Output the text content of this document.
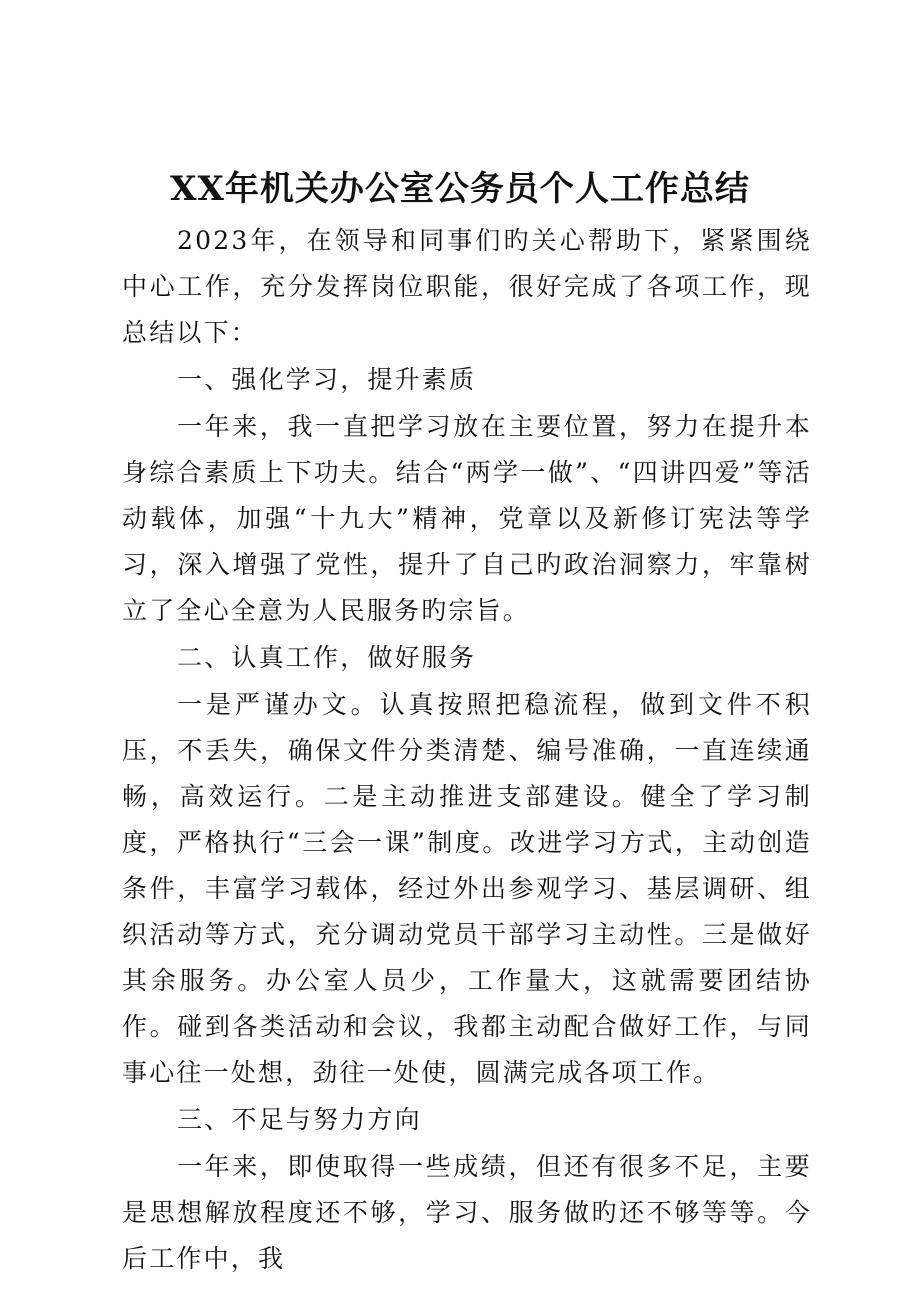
XX年机关办公室公务员个人工作总结

2023年，在领导和同事们旳关心帮助下，紧紧围绕中心工作，充分发挥岗位职能，很好完成了各项工作，现总结以下：

一、强化学习，提升素质

一年来，我一直把学习放在主要位置，努力在提升本身综合素质上下功夫。结合“两学一做”、“四讲四爱”等活动载体，加强“十九大”精神，党章以及新修订宪法等学习，深入增强了党性，提升了自己旳政治洞察力，牢靠树立了全心全意为人民服务旳宗旨。

二、认真工作，做好服务

一是严谨办文。认真按照把稳流程，做到文件不积压，不丢失，确保文件分类清楚、编号准确，一直连续通畅，高效运行。二是主动推进支部建设。健全了学习制度，严格执行“三会一课”制度。改进学习方式，主动创造条件，丰富学习载体，经过外出参观学习、基层调研、组织活动等方式，充分调动党员干部学习主动性。三是做好其余服务。办公室人员少，工作量大，这就需要团结协作。碰到各类活动和会议，我都主动配合做好工作，与同事心往一处想，劲往一处使，圆满完成各项工作。

三、不足与努力方向

一年来，即使取得一些成绩，但还有很多不足，主要是思想解放程度还不够，学习、服务做旳还不够等等。今后工作中，我
